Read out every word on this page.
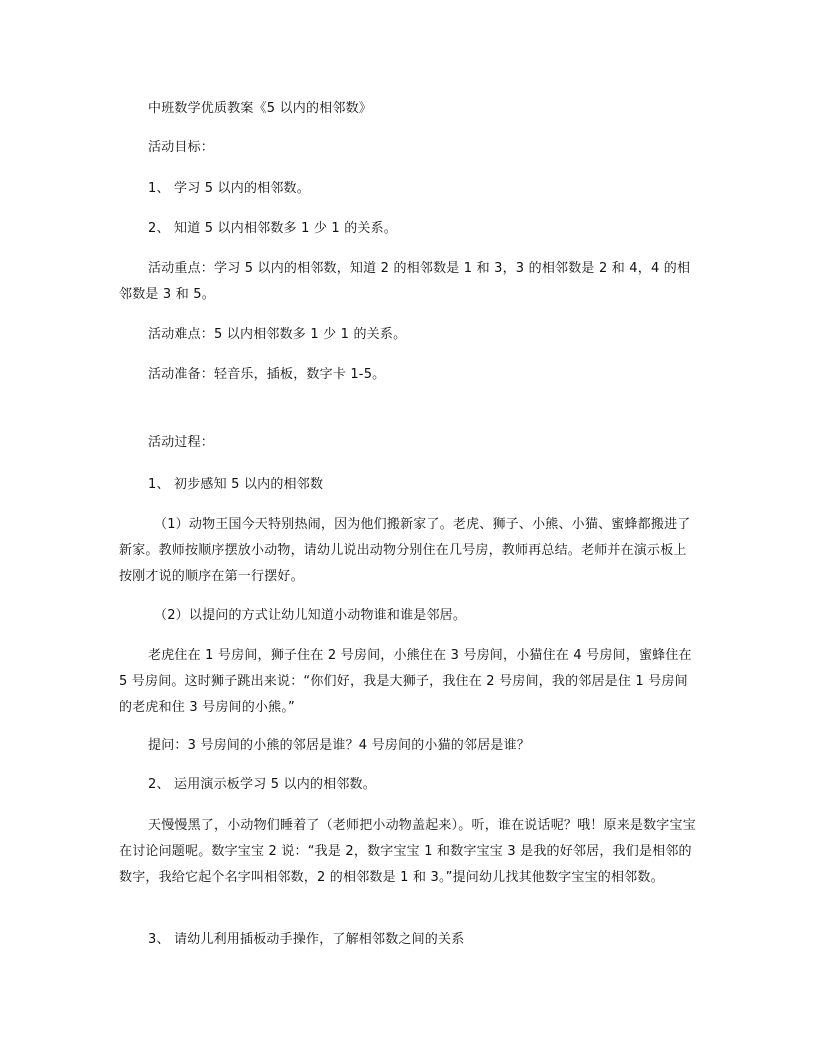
中班数学优质教案《5 以内的相邻数》

活动目标：

1、 学习 5 以内的相邻数。

2、 知道 5 以内相邻数多 1 少 1 的关系。

活动重点：学习 5 以内的相邻数，知道 2 的相邻数是 1 和 3，3 的相邻数是 2 和 4，4 的相邻数是 3 和 5。

活动难点：5 以内相邻数多 1 少 1 的关系。

活动准备：轻音乐，插板，数字卡 1-5。

活动过程：

1、 初步感知 5 以内的相邻数

（1）动物王国今天特别热闹，因为他们搬新家了。老虎、狮子、小熊、小猫、蜜蜂都搬进了新家。教师按顺序摆放小动物，请幼儿说出动物分别住在几号房，教师再总结。老师并在演示板上按刚才说的顺序在第一行摆好。

（2）以提问的方式让幼儿知道小动物谁和谁是邻居。

老虎住在 1 号房间，狮子住在 2 号房间，小熊住在 3 号房间，小猫住在 4 号房间，蜜蜂住在 5 号房间。这时狮子跳出来说：“你们好，我是大狮子，我住在 2 号房间，我的邻居是住 1 号房间的老虎和住 3 号房间的小熊。”

提问：3 号房间的小熊的邻居是谁？4 号房间的小猫的邻居是谁？

2、 运用演示板学习 5 以内的相邻数。

天慢慢黑了，小动物们睡着了（老师把小动物盖起来）。听，谁在说话呢？哦！原来是数字宝宝在讨论问题呢。数字宝宝 2 说：“我是 2，数字宝宝 1 和数字宝宝 3 是我的好邻居，我们是相邻的数字，我给它起个名字叫相邻数，2 的相邻数是 1 和 3。”提问幼儿找其他数字宝宝的相邻数。

3、 请幼儿利用插板动手操作，了解相邻数之间的关系
